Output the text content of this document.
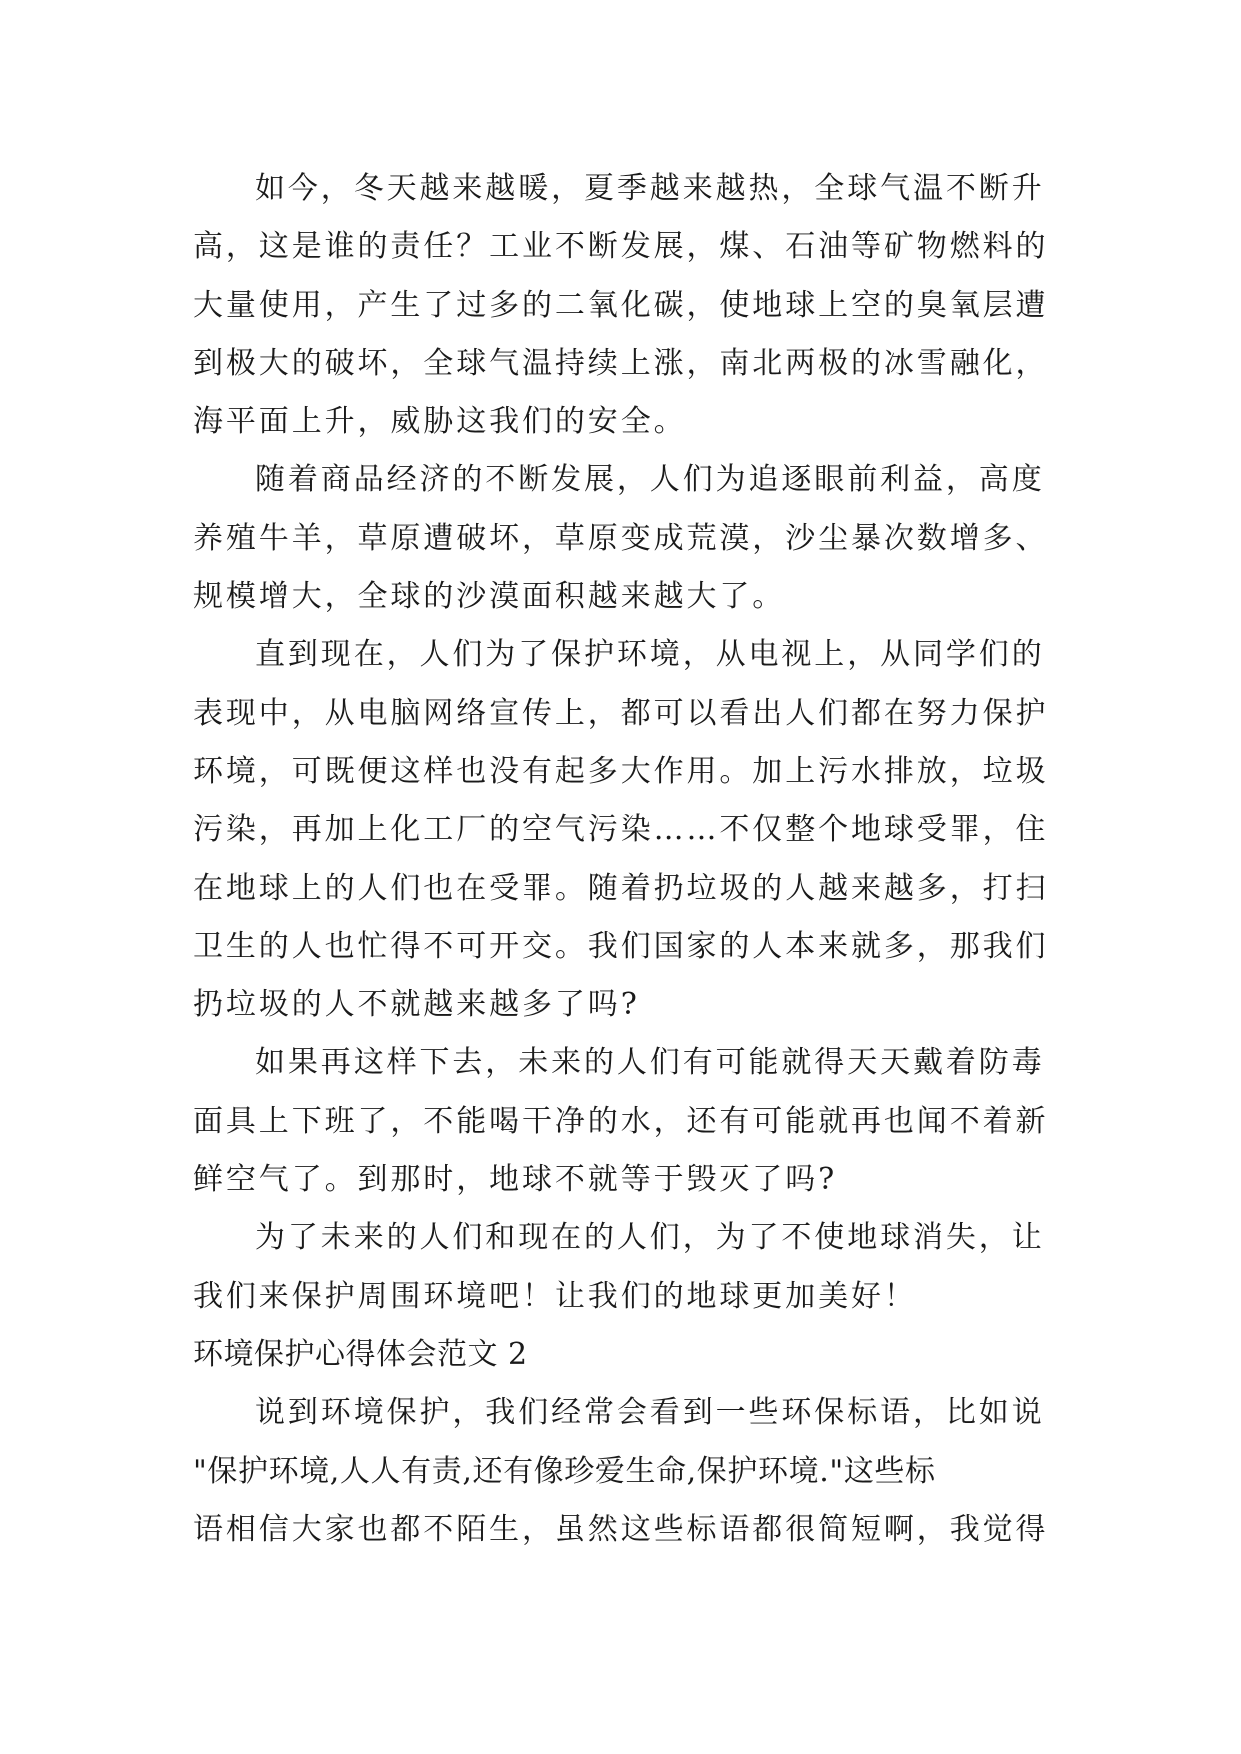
如今，冬天越来越暖，夏季越来越热，全球气温不断升
高，这是谁的责任？工业不断发展，煤、石油等矿物燃料的
大量使用，产生了过多的二氧化碳，使地球上空的臭氧层遭
到极大的破坏，全球气温持续上涨，南北两极的冰雪融化，
海平面上升，威胁这我们的安全。
随着商品经济的不断发展，人们为追逐眼前利益，高度
养殖牛羊，草原遭破坏，草原变成荒漠，沙尘暴次数增多、
规模增大，全球的沙漠面积越来越大了。
直到现在，人们为了保护环境，从电视上，从同学们的
表现中，从电脑网络宣传上，都可以看出人们都在努力保护
环境，可既便这样也没有起多大作用。加上污水排放，垃圾
污染，再加上化工厂的空气污染……不仅整个地球受罪，住
在地球上的人们也在受罪。随着扔垃圾的人越来越多，打扫
卫生的人也忙得不可开交。我们国家的人本来就多，那我们
扔垃圾的人不就越来越多了吗?
如果再这样下去，未来的人们有可能就得天天戴着防毒
面具上下班了，不能喝干净的水，还有可能就再也闻不着新
鲜空气了。到那时，地球不就等于毁灭了吗?
为了未来的人们和现在的人们，为了不使地球消失，让
我们来保护周围环境吧！让我们的地球更加美好！
环境保护心得体会范文 2
说到环境保护，我们经常会看到一些环保标语，比如说
"保护环境,人人有责,还有像珍爱生命,保护环境."这些标
语相信大家也都不陌生，虽然这些标语都很简短啊，我觉得
